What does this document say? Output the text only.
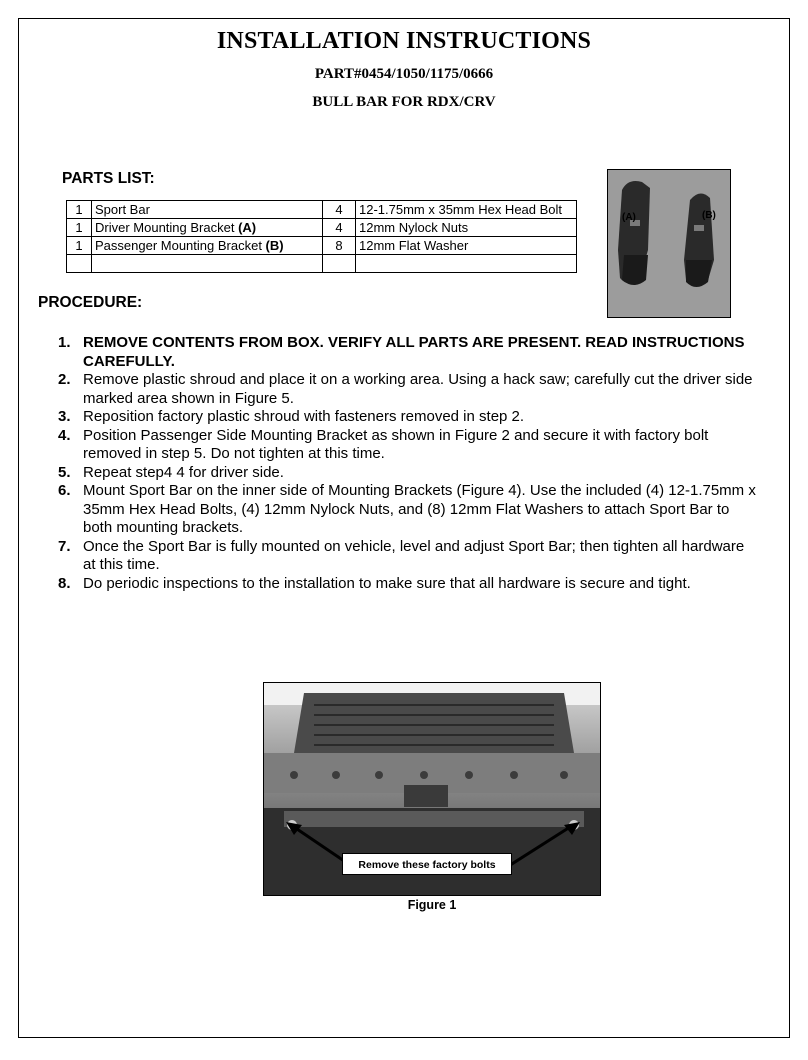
INSTALLATION INSTRUCTIONS
PART#0454/1050/1175/0666
BULL BAR FOR RDX/CRV
PARTS LIST:
1	Sport Bar	4	12-1.75mm x 35mm Hex Head Bolt
1	Driver Mounting Bracket (A)	4	12mm Nylock Nuts
1	Passenger Mounting Bracket (B)	8	12mm Flat Washer

(A)	(B)
PROCEDURE:
1. REMOVE CONTENTS FROM BOX. VERIFY ALL PARTS ARE PRESENT. READ INSTRUCTIONS CAREFULLY.
2. Remove plastic shroud and place it on a working area. Using a hack saw; carefully cut the driver side marked area shown in Figure 5.
3. Reposition factory plastic shroud with fasteners removed in step 2.
4. Position Passenger Side Mounting Bracket as shown in Figure 2 and secure it with factory bolt removed in step 5. Do not tighten at this time.
5. Repeat step4 4 for driver side.
6. Mount Sport Bar on the inner side of Mounting Brackets (Figure 4). Use the included (4) 12-1.75mm x 35mm Hex Head Bolts, (4) 12mm Nylock Nuts, and (8) 12mm Flat Washers to attach Sport Bar to both mounting brackets.
7. Once the Sport Bar is fully mounted on vehicle, level and adjust Sport Bar; then tighten all hardware at this time.
8. Do periodic inspections to the installation to make sure that all hardware is secure and tight.
Remove these factory bolts
Figure 1
